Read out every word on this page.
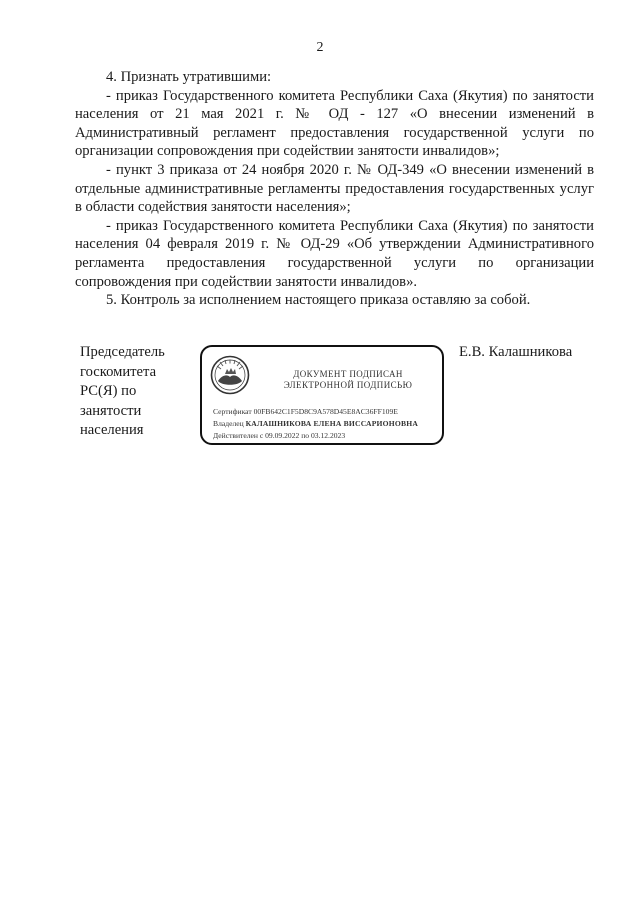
2

4. Признать утратившими:

- приказ Государственного комитета Республики Саха (Якутия) по занятости населения от 21 мая 2021 г. № ОД - 127 «О внесении изменений в Административный регламент предоставления государственной услуги по организации сопровождения при содействии занятости инвалидов»;

- пункт 3 приказа от 24 ноября 2020 г. № ОД-349 «О внесении изменений в отдельные административные регламенты предоставления государственных услуг в области содействия занятости населения»;

- приказ Государственного комитета Республики Саха (Якутия) по занятости населения 04 февраля 2019 г. № ОД-29 «Об утверждении Административного регламента предоставления государственной услуги по организации сопровождения при содействии занятости инвалидов».

5. Контроль за исполнением настоящего приказа оставляю за собой.

Председатель
госкомитета
РС(Я) по
занятости
населения
ДОКУМЕНТ ПОДПИСАН
ЭЛЕКТРОННОЙ ПОДПИСЬЮ
Сертификат 00FB642C1F5D8C9A578D45E8AC36FF109E
Владелец КАЛАШНИКОВА ЕЛЕНА ВИССАРИОНОВНА
Действителен с 09.09.2022 по 03.12.2023
Е.В. Калашникова
